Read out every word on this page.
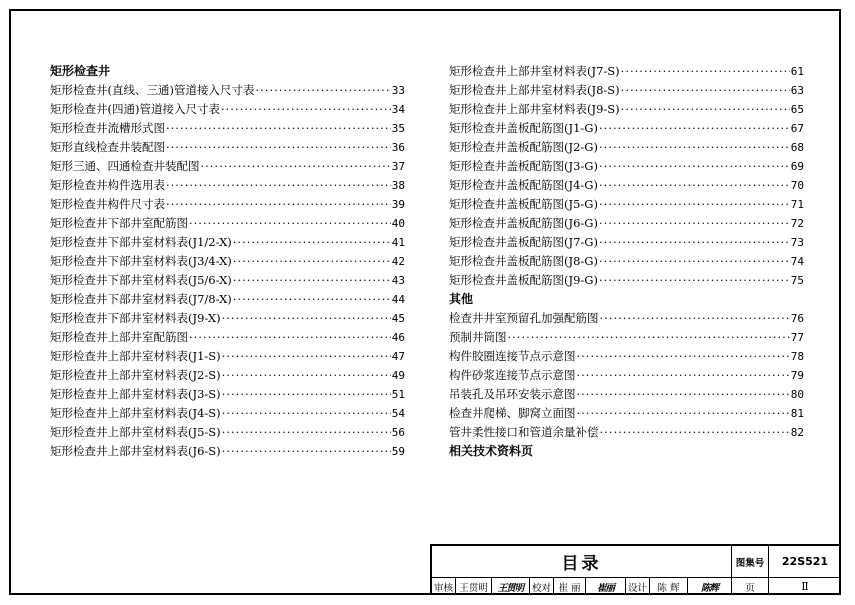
矩形检查井
矩形检查井(直线、三通)管道接入尺寸表 ·····	33
矩形检查井(四通)管道接入尺寸表 ·····	34
矩形检查井流槽形式图 ·····	35
矩形直线检查井装配图 ·····	36
矩形三通、四通检查井装配图 ·····	37
矩形检查井构件选用表 ·····	38
矩形检查井构件尺寸表 ·····	39
矩形检查井下部井室配筋图 ·····	40
矩形检查井下部井室材料表(J1/2-X) ·····	41
矩形检查井下部井室材料表(J3/4-X) ·····	42
矩形检查井下部井室材料表(J5/6-X) ·····	43
矩形检查井下部井室材料表(J7/8-X) ·····	44
矩形检查井下部井室材料表(J9-X) ·····	45
矩形检查井上部井室配筋图 ·····	46
矩形检查井上部井室材料表(J1-S) ·····	47
矩形检查井上部井室材料表(J2-S) ·····	49
矩形检查井上部井室材料表(J3-S) ·····	51
矩形检查井上部井室材料表(J4-S) ·····	54
矩形检查井上部井室材料表(J5-S) ·····	56
矩形检查井上部井室材料表(J6-S) ·····	59
矩形检查井上部井室材料表(J7-S) ·····	61
矩形检查井上部井室材料表(J8-S) ·····	63
矩形检查井上部井室材料表(J9-S) ·····	65
矩形检查井盖板配筋图(J1-G) ·····	67
矩形检查井盖板配筋图(J2-G) ·····	68
矩形检查井盖板配筋图(J3-G) ·····	69
矩形检查井盖板配筋图(J4-G) ·····	70
矩形检查井盖板配筋图(J5-G) ·····	71
矩形检查井盖板配筋图(J6-G) ·····	72
矩形检查井盖板配筋图(J7-G) ·····	73
矩形检查井盖板配筋图(J8-G) ·····	74
矩形检查井盖板配筋图(J9-G) ·····	75
其他
检查井井室预留孔加强配筋图 ·····	76
预制井筒图 ·····	77
构件胶圈连接节点示意图 ·····	78
构件砂浆连接节点示意图 ·····	79
吊装孔及吊环安装示意图 ·····	80
检查井爬梯、脚窝立面图 ·····	81
管井柔性接口和管道余量补偿 ·····	82
相关技术资料页
目录	图集号	22S521
页	Ⅱ
审核 王贯明	王贯明 校对 崔 丽	崔丽	设计	陈 辉	陈辉
